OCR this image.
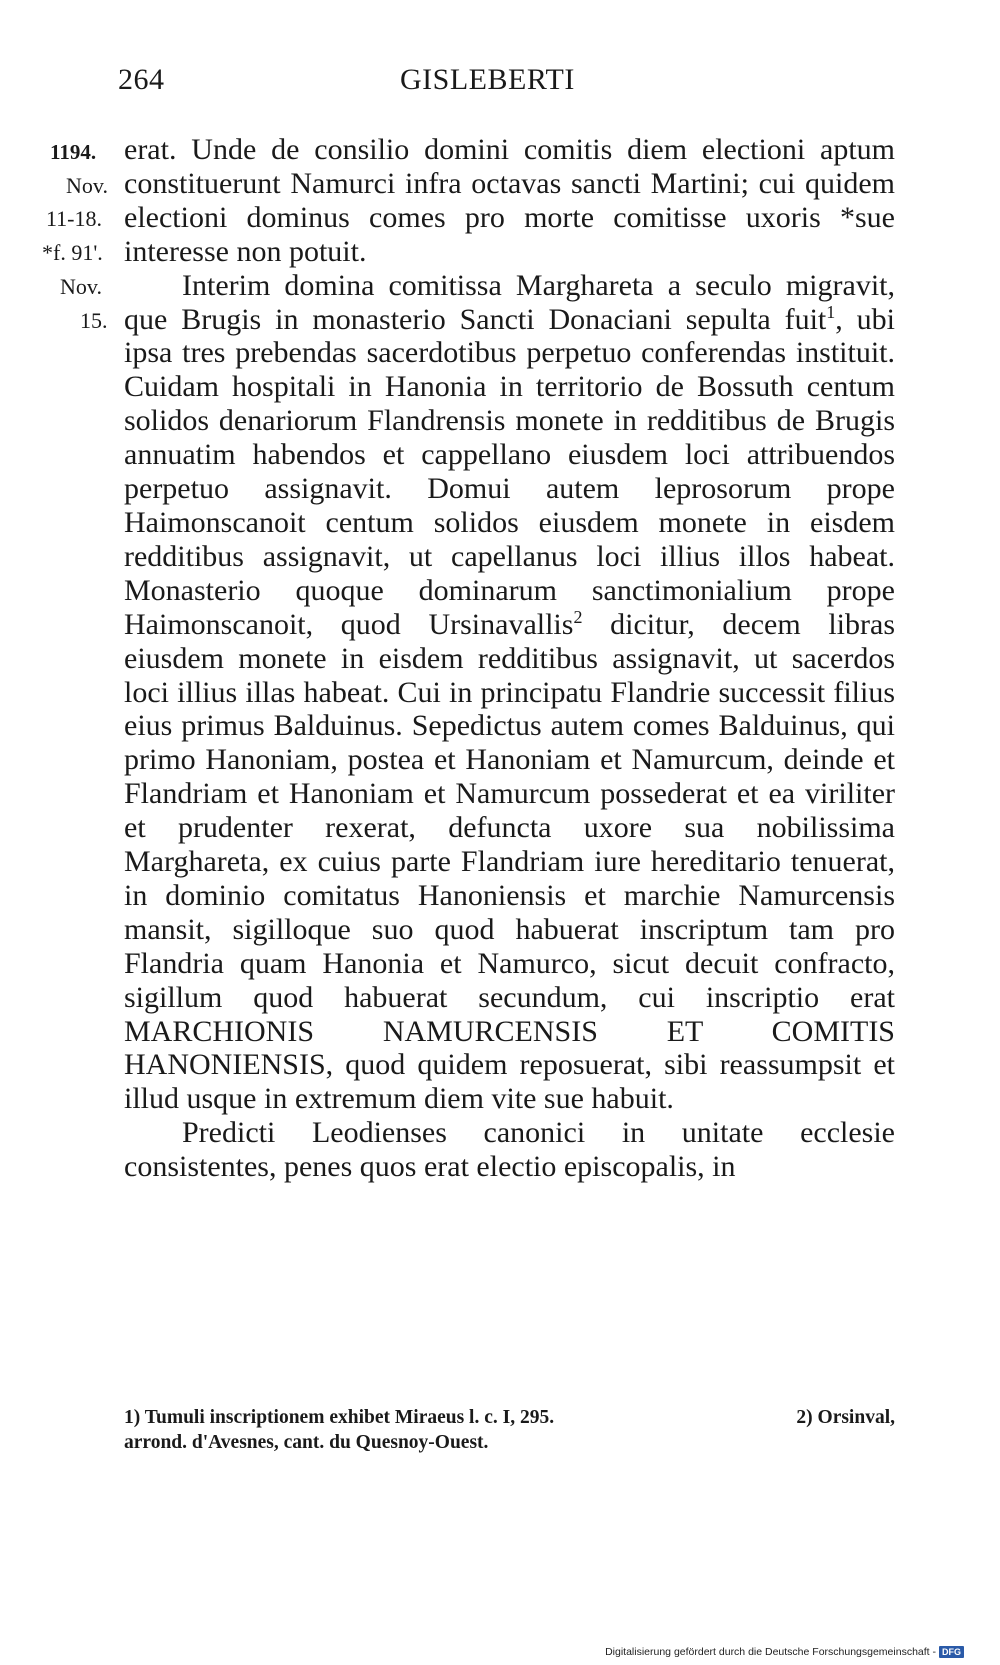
264	GISLEBERTI
1194.
Nov.
11-18.
*f. 91'.
Nov.
15.

erat. Unde de consilio domini comitis diem electioni aptum constituerunt Namurci infra octavas sancti Martini; cui quidem electioni dominus comes pro morte comitisse uxoris *sue interesse non potuit.

Interim domina comitissa Marghareta a seculo migravit, que Brugis in monasterio Sancti Donaciani sepulta fuit$^1$, ubi ipsa tres prebendas sacerdotibus perpetuo conferendas instituit. Cuidam hospitali in Hanonia in territorio de Bossuth centum solidos denariorum Flandrensis monete in redditibus de Brugis annuatim habendos et cappellano eiusdem loci attribuendos perpetuo assignavit. Domui autem leprosorum prope Haimonscanoit centum solidos eiusdem monete in eisdem redditibus assignavit, ut capellanus loci illius illos habeat. Monasterio quoque dominarum sanctimonialium prope Haimonscanoit, quod Ursinavallis$^2$ dicitur, decem libras eiusdem monete in eisdem redditibus assignavit, ut sacerdos loci illius illas habeat. Cui in principatu Flandrie successit filius eius primus Balduinus. Sepedictus autem comes Balduinus, qui primo Hanoniam, postea et Hanoniam et Namurcum, deinde et Flandriam et Hanoniam et Namurcum possederat et ea viriliter et prudenter rexerat, defuncta uxore sua nobilissima Marghareta, ex cuius parte Flandriam iure hereditario tenuerat, in dominio comitatus Hanoniensis et marchie Namurcensis mansit, sigilloque suo quod habuerat inscriptum tam pro Flandria quam Hanonia et Namurco, sicut decuit confracto, sigillum quod habuerat secundum, cui inscriptio erat MARCHIONIS NAMURCENSIS ET COMITIS HANONIENSIS, quod quidem reposuerat, sibi reassumpsit et illud usque in extremum diem vite sue habuit.

Predicti Leodienses canonici in unitate ecclesie consistentes, penes quos erat electio episcopalis, in

1) Tumuli inscriptionem exhibet Miraeus l. c. I, 295.	2) Orsinval,
arrond. d'Avesnes, cant. du Quesnoy-Ouest.
Digitalisierung gefördert durch die Deutsche Forschungsgemeinschaft - DFG
